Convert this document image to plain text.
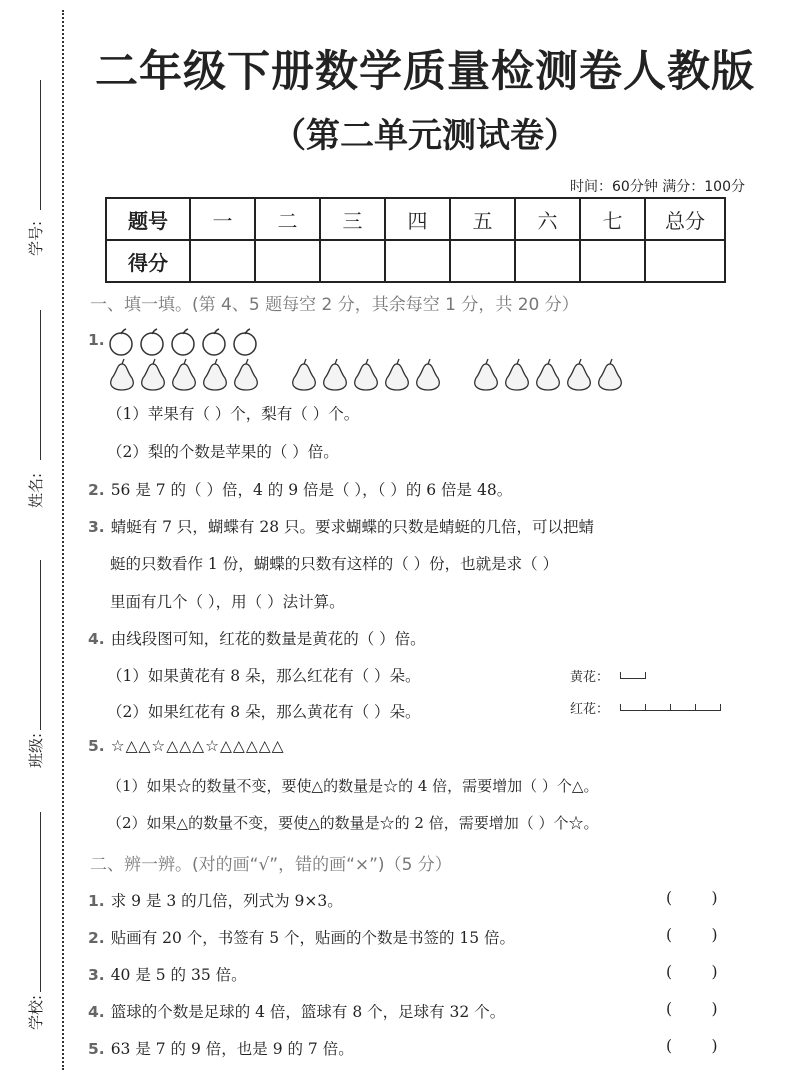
学号:
姓名:
班级:
学校:
二年级下册数学质量检测卷人教版
（第二单元测试卷）
时间：60分钟 满分：100分
题号	一	二	三	四	五	六	七	总分
得分								
一、填一填。(第 4、5 题每空 2 分，其余每空 1 分，共 20 分）
1.
（1）苹果有（ ）个，梨有（ ）个。
（2）梨的个数是苹果的（ ）倍。
2. 56 是 7 的（ ）倍，4 的 9 倍是（ ），（ ）的 6 倍是 48。
3. 蜻蜓有 7 只，蝴蝶有 28 只。要求蝴蝶的只数是蜻蜓的几倍，可以把蜻
蜓的只数看作 1 份，蝴蝶的只数有这样的（ ）份，也就是求（ ）
里面有几个（ ），用（ ）法计算。
4. 由线段图可知，红花的数量是黄花的（ ）倍。
（1）如果黄花有 8 朵，那么红花有（ ）朵。
（2）如果红花有 8 朵，那么黄花有（ ）朵。
黄花：
红花：
5. ☆△△☆△△△☆△△△△△
（1）如果☆的数量不变，要使△的数量是☆的 4 倍，需要增加（ ）个△。
（2）如果△的数量不变，要使△的数量是☆的 2 倍，需要增加（ ）个☆。
二、辨一辨。(对的画“√”，错的画“×”)（5 分）
1. 求 9 是 3 的几倍，列式为 9×3。	(        )
2. 贴画有 20 个，书签有 5 个，贴画的个数是书签的 15 倍。	(        )
3. 40 是 5 的 35 倍。	(        )
4. 篮球的个数是足球的 4 倍，篮球有 8 个，足球有 32 个。	(        )
5. 63 是 7 的 9 倍，也是 9 的 7 倍。	(        )
